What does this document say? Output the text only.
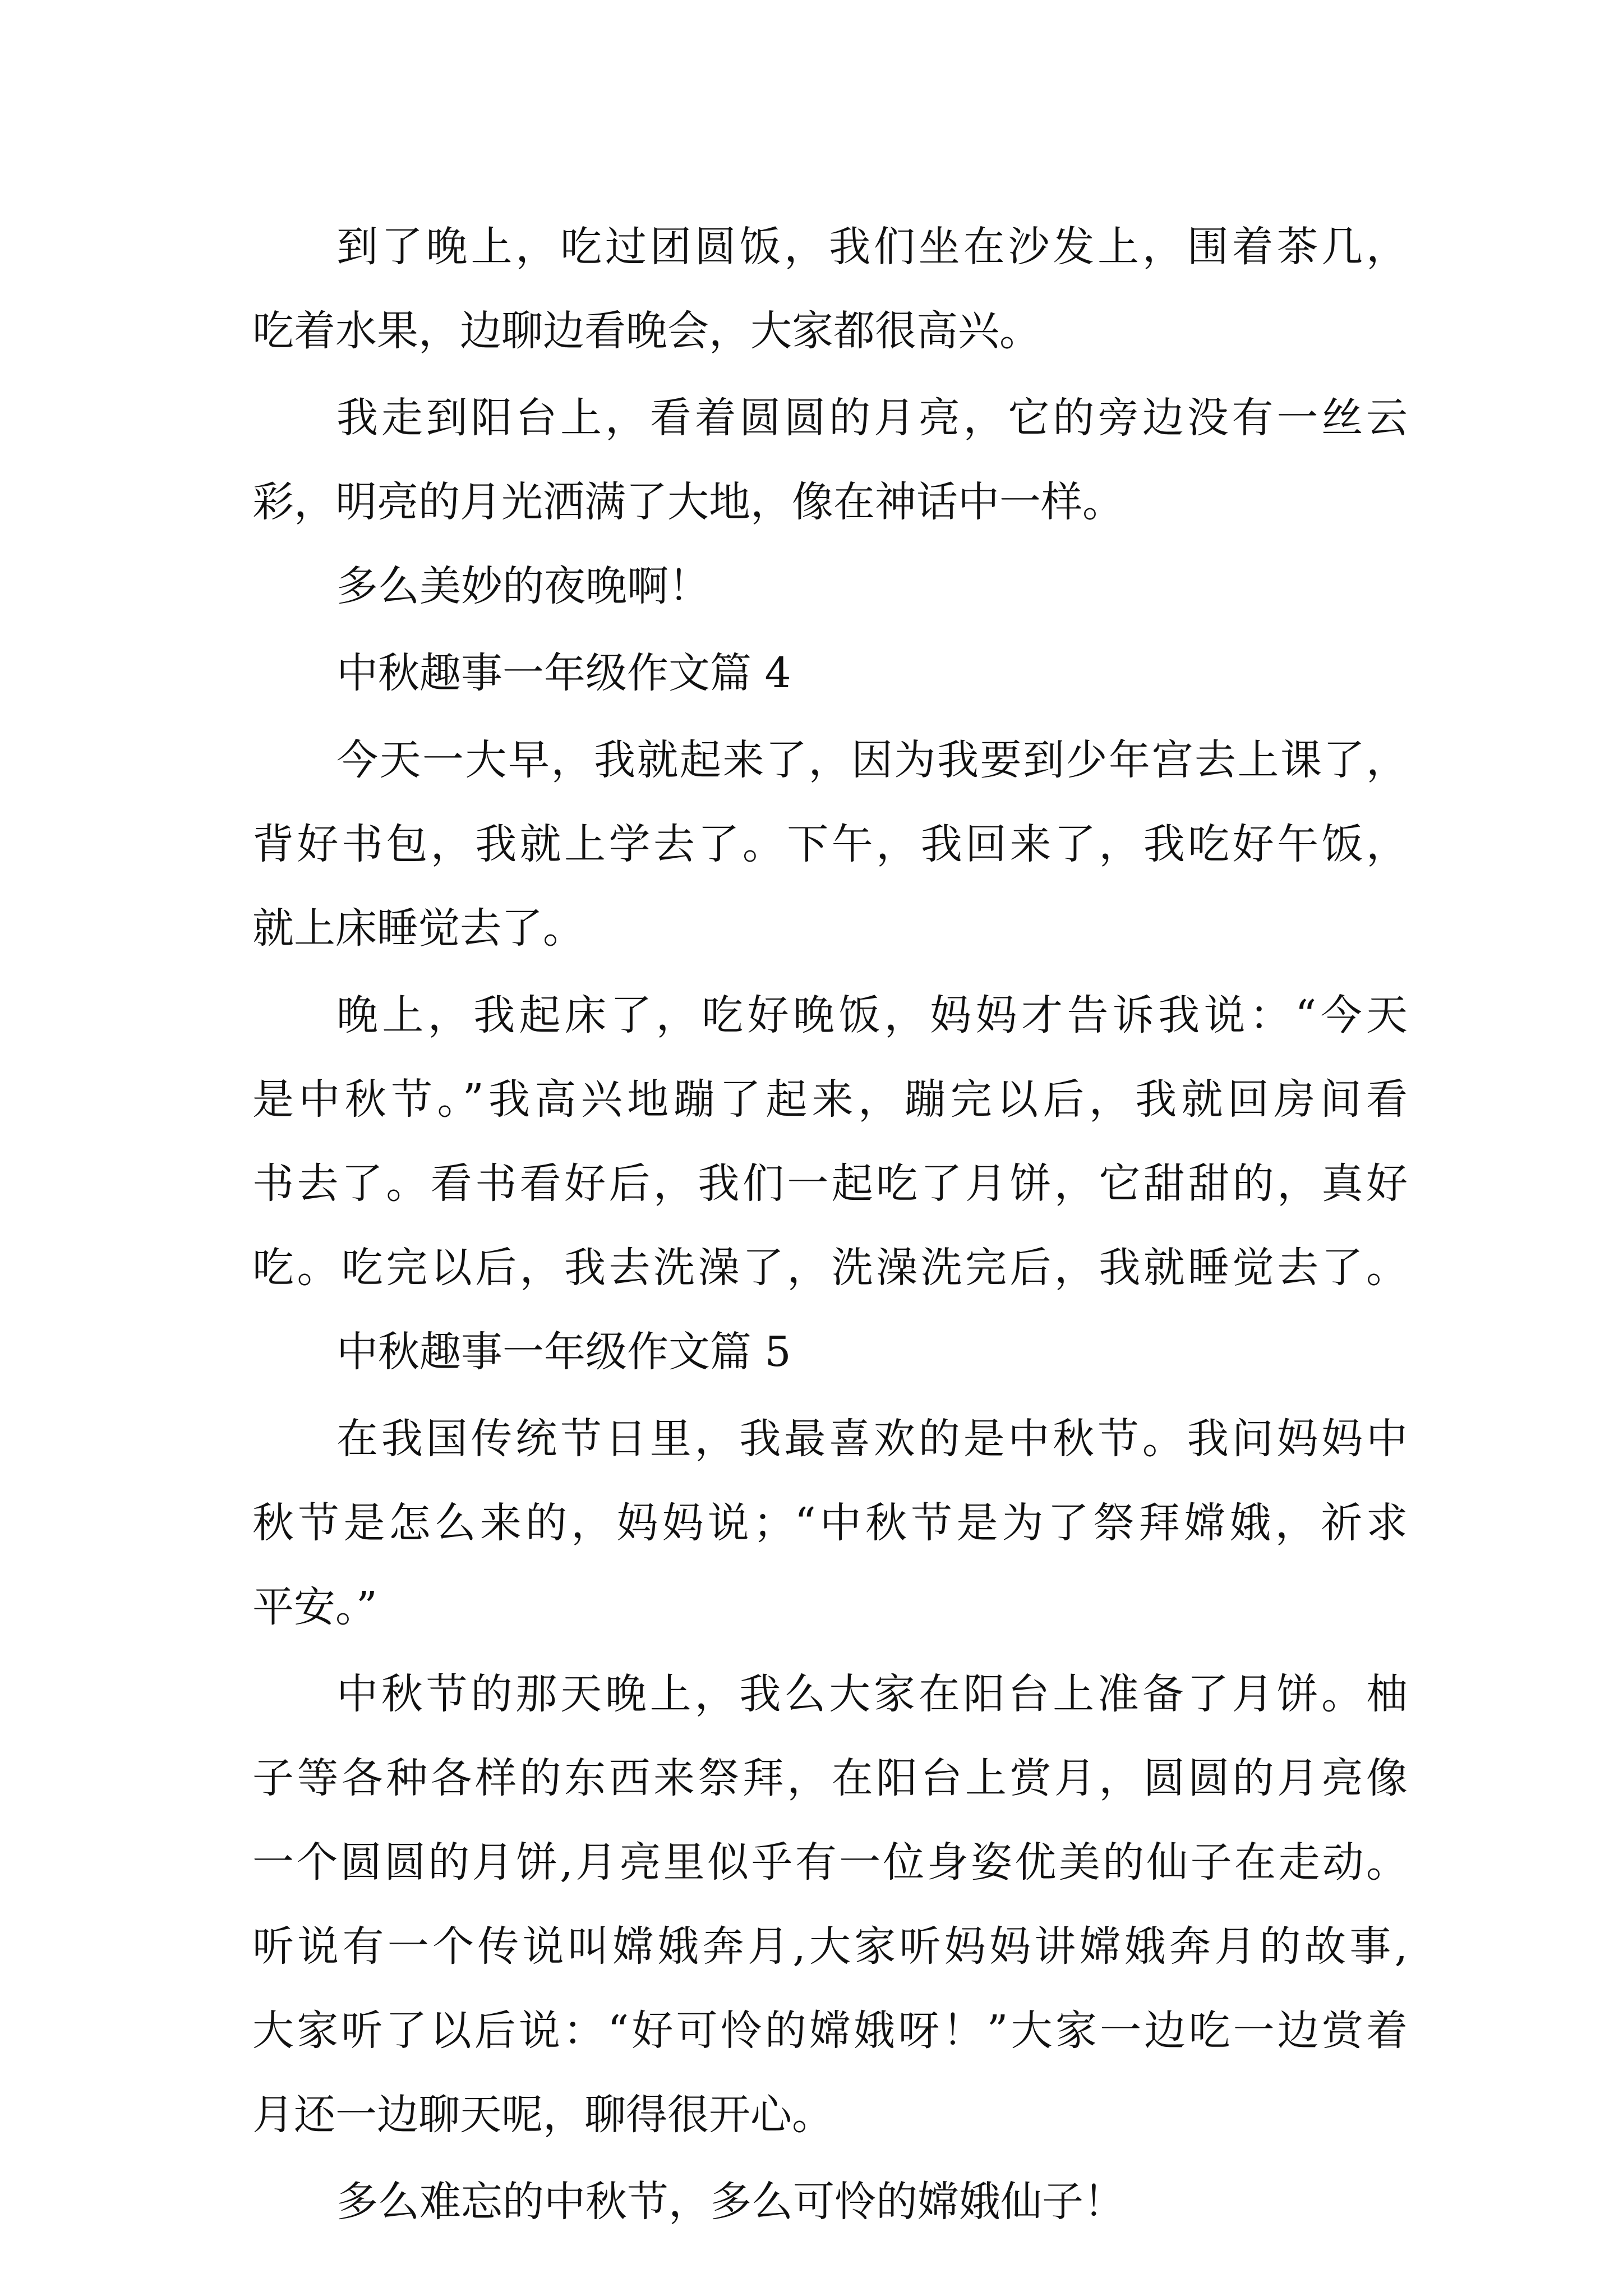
到了晚上，吃过团圆饭，我们坐在沙发上，围着茶几，
吃着水果，边聊边看晚会，大家都很高兴。
我走到阳台上，看着圆圆的月亮，它的旁边没有一丝云
彩，明亮的月光洒满了大地，像在神话中一样。
多么美妙的夜晚啊！
中秋趣事一年级作文篇 4
今天一大早，我就起来了，因为我要到少年宫去上课了，
背好书包，我就上学去了。下午，我回来了，我吃好午饭，
就上床睡觉去了。
晚上，我起床了，吃好晚饭，妈妈才告诉我说：“今天
是中秋节。”我高兴地蹦了起来，蹦完以后，我就回房间看
书去了。看书看好后，我们一起吃了月饼，它甜甜的，真好
吃。吃完以后，我去洗澡了，洗澡洗完后，我就睡觉去了。
中秋趣事一年级作文篇 5
在我国传统节日里，我最喜欢的是中秋节。我问妈妈中
秋节是怎么来的，妈妈说；“中秋节是为了祭拜嫦娥，祈求
平安。”
中秋节的那天晚上，我么大家在阳台上准备了月饼。柚
子等各种各样的东西来祭拜，在阳台上赏月，圆圆的月亮像
一个圆圆的月饼,月亮里似乎有一位身姿优美的仙子在走动。
听说有一个传说叫嫦娥奔月,大家听妈妈讲嫦娥奔月的故事,
大家听了以后说：“好可怜的嫦娥呀！”大家一边吃一边赏着
月还一边聊天呢，聊得很开心。
多么难忘的中秋节，多么可怜的嫦娥仙子！
